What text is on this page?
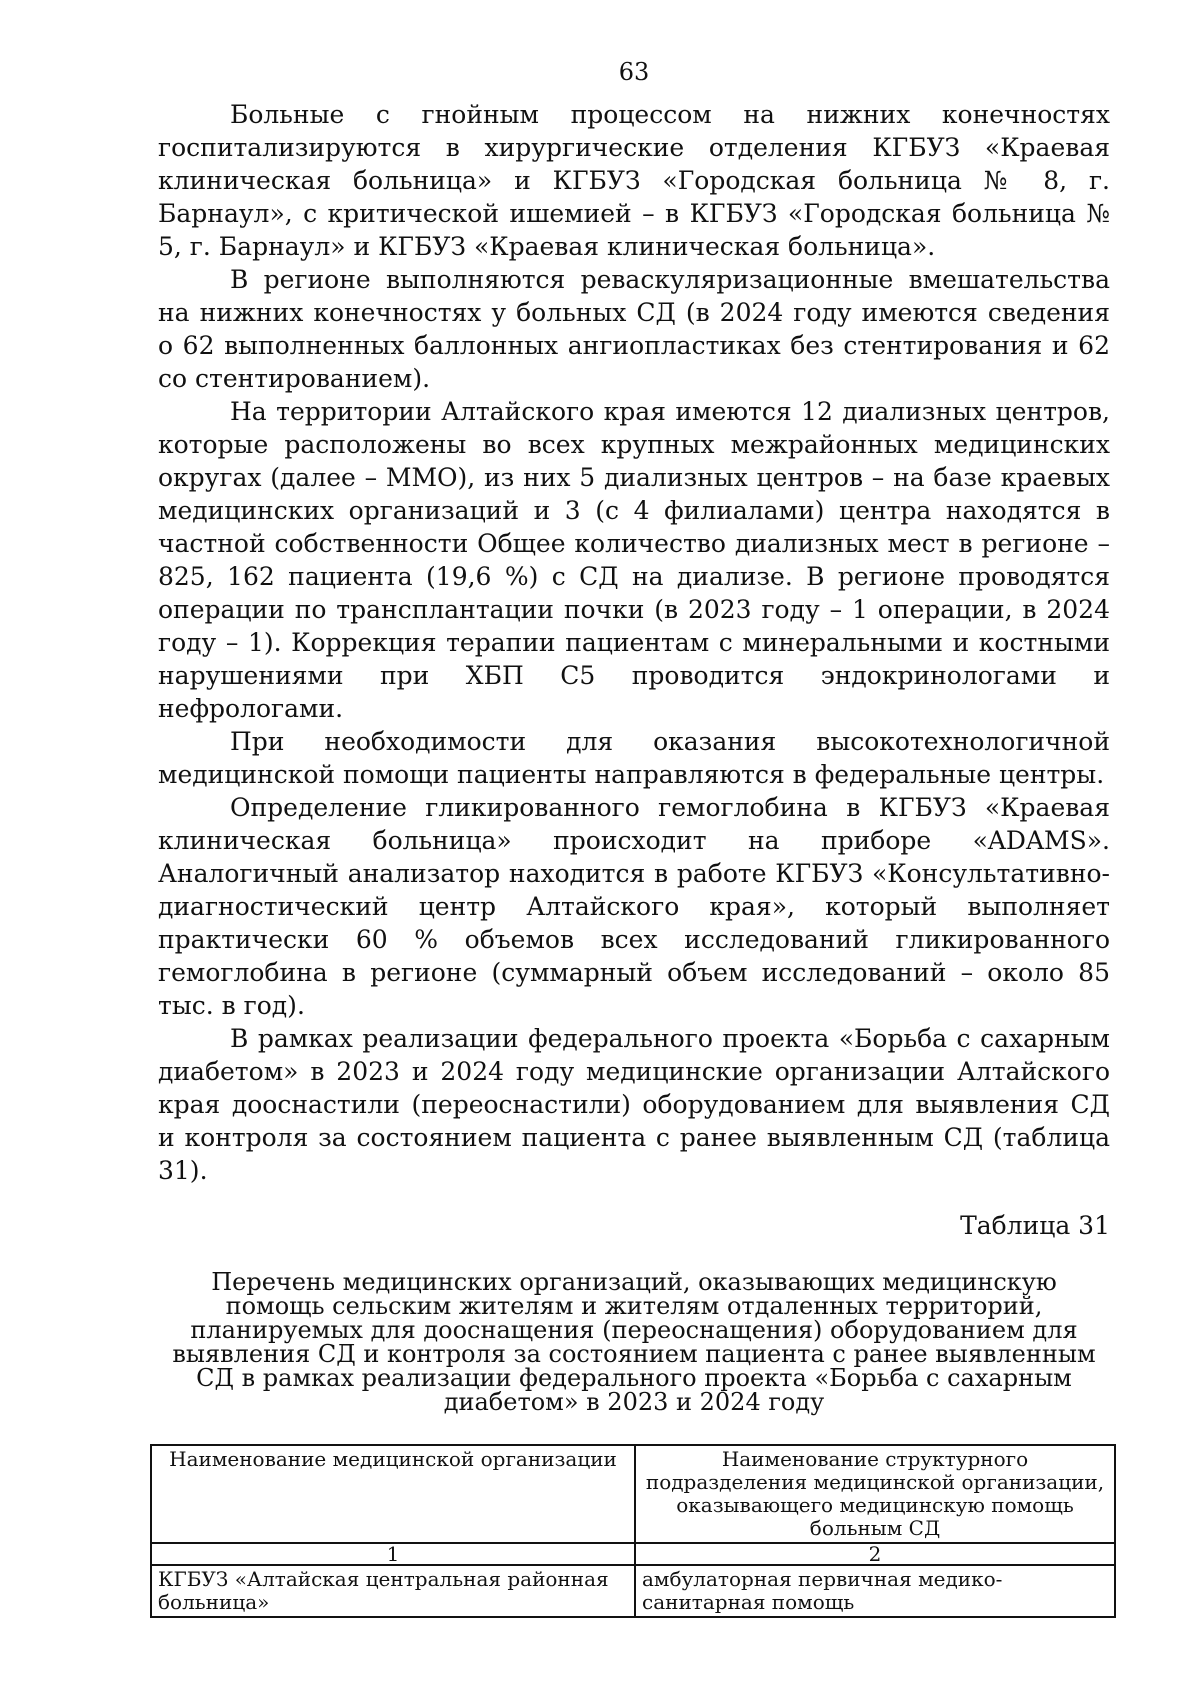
63

Больные с гнойным процессом на нижних конечностях госпитализируются в хирургические отделения КГБУЗ «Краевая клиническая больница» и КГБУЗ «Городская больница № 8, г. Барнаул», с критической ишемией – в КГБУЗ «Городская больница № 5, г. Барнаул» и КГБУЗ «Краевая клиническая больница».

В регионе выполняются реваскуляризационные вмешательства на нижних конечностях у больных СД (в 2024 году имеются сведения о 62 выполненных баллонных ангиопластиках без стентирования и 62 со стентированием).

На территории Алтайского края имеются 12 диализных центров, которые расположены во всех крупных межрайонных медицинских округах (далее – ММО), из них 5 диализных центров – на базе краевых медицинских организаций и 3 (с 4 филиалами) центра находятся в частной собственности Общее количество диализных мест в регионе – 825, 162 пациента (19,6 %) с СД на диализе. В регионе проводятся операции по трансплантации почки (в 2023 году – 1 операции, в 2024 году – 1). Коррекция терапии пациентам с минеральными и костными нарушениями при ХБП С5 проводится эндокринологами и нефрологами.

При необходимости для оказания высокотехнологичной медицинской помощи пациенты направляются в федеральные центры.

Определение гликированного гемоглобина в КГБУЗ «Краевая клиническая больница» происходит на приборе «ADAMS». Аналогичный анализатор находится в работе КГБУЗ «Консультативно-диагностический центр Алтайского края», который выполняет практически 60 % объемов всех исследований гликированного гемоглобина в регионе (суммарный объем исследований – около 85 тыс. в год).

В рамках реализации федерального проекта «Борьба с сахарным диабетом» в 2023 и 2024 году медицинские организации Алтайского края дооснастили (переоснастили) оборудованием для выявления СД и контроля за состоянием пациента с ранее выявленным СД (таблица 31).

Таблица 31
Перечень медицинских организаций, оказывающих медицинскую помощь сельским жителям и жителям отдаленных территорий, планируемых для дооснащения (переоснащения) оборудованием для выявления СД и контроля за состоянием пациента с ранее выявленным СД в рамках реализации федерального проекта «Борьба с сахарным диабетом» в 2023 и 2024 году
Наименование медицинской организации	Наименование структурного подразделения медицинской организации, оказывающего медицинскую помощь больным СД
1	2
КГБУЗ «Алтайская центральная районная больница»	амбулаторная первичная медико-санитарная помощь
